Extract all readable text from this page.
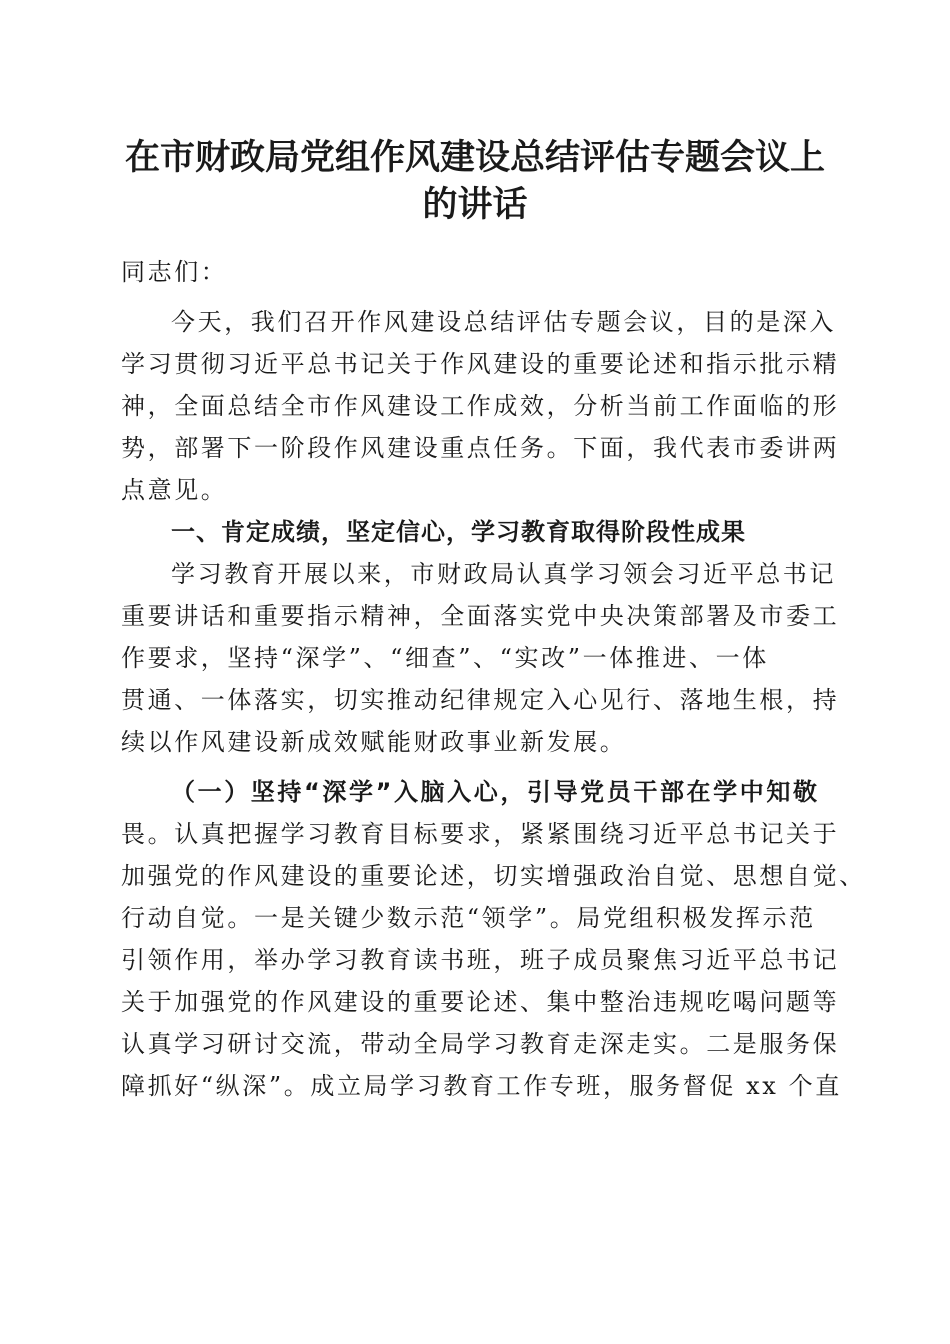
在市财政局党组作风建设总结评估专题会议上
的讲话
同志们：
今天，我们召开作风建设总结评估专题会议，目的是深入
学习贯彻习近平总书记关于作风建设的重要论述和指示批示精
神，全面总结全市作风建设工作成效，分析当前工作面临的形
势，部署下一阶段作风建设重点任务。下面，我代表市委讲两
点意见。
一、肯定成绩，坚定信心，学习教育取得阶段性成果
学习教育开展以来，市财政局认真学习领会习近平总书记
重要讲话和重要指示精神，全面落实党中央决策部署及市委工
作要求，坚持“深学”、“细查”、“实改”一体推进、一体
贯通、一体落实，切实推动纪律规定入心见行、落地生根，持
续以作风建设新成效赋能财政事业新发展。
（一）坚持“深学”入脑入心，引导党员干部在学中知敬
畏。认真把握学习教育目标要求，紧紧围绕习近平总书记关于
加强党的作风建设的重要论述，切实增强政治自觉、思想自觉、
行动自觉。一是关键少数示范“领学”。局党组积极发挥示范
引领作用，举办学习教育读书班，班子成员聚焦习近平总书记
关于加强党的作风建设的重要论述、集中整治违规吃喝问题等
认真学习研讨交流，带动全局学习教育走深走实。二是服务保
障抓好“纵深”。成立局学习教育工作专班，服务督促 xx 个直
